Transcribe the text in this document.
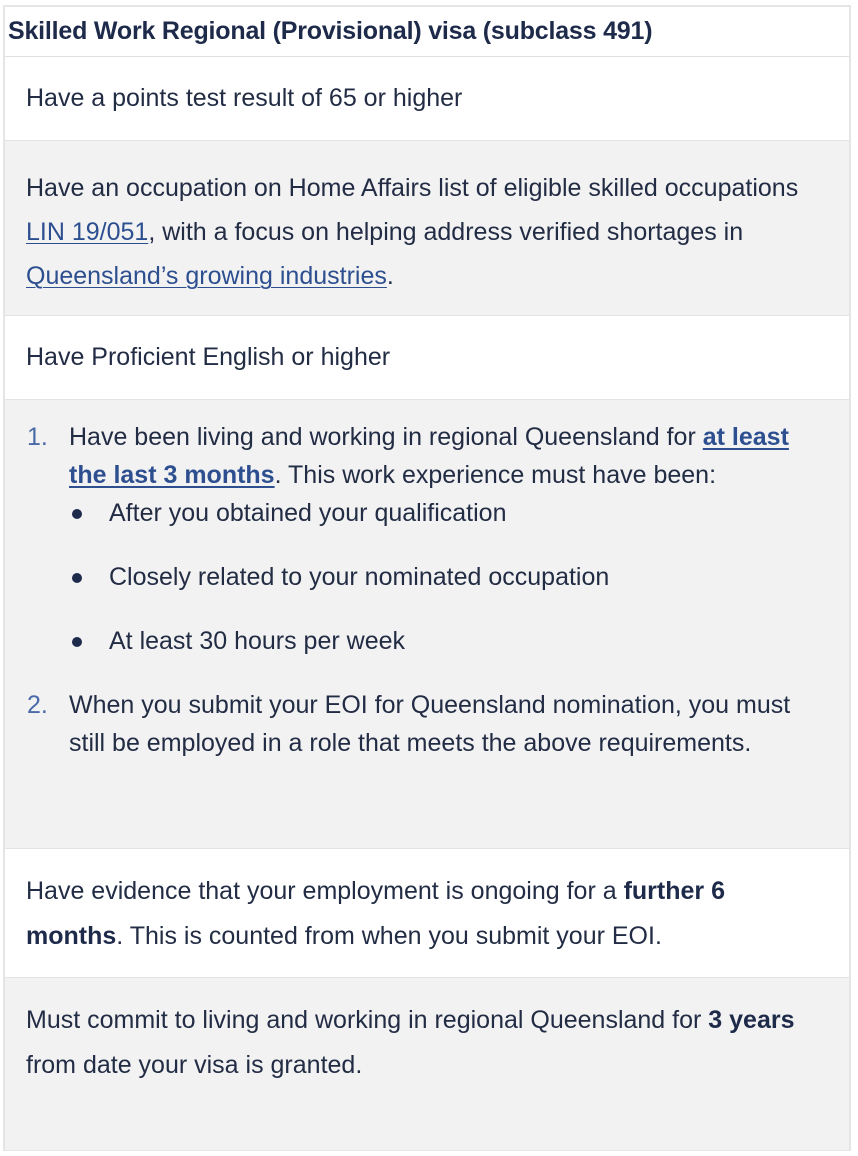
Skilled Work Regional (Provisional) visa (subclass 491)

Have a points test result of 65 or higher

Have an occupation on Home Affairs list of eligible skilled occupations LIN 19/051, with a focus on helping address verified shortages in Queensland’s growing industries.

Have Proficient English or higher

1. Have been living and working in regional Queensland for at least the last 3 months. This work experience must have been:
After you obtained your qualification
Closely related to your nominated occupation
At least 30 hours per week
2. When you submit your EOI for Queensland nomination, you must still be employed in a role that meets the above requirements.

Have evidence that your employment is ongoing for a further 6 months. This is counted from when you submit your EOI.

Must commit to living and working in regional Queensland for 3 years from date your visa is granted.
